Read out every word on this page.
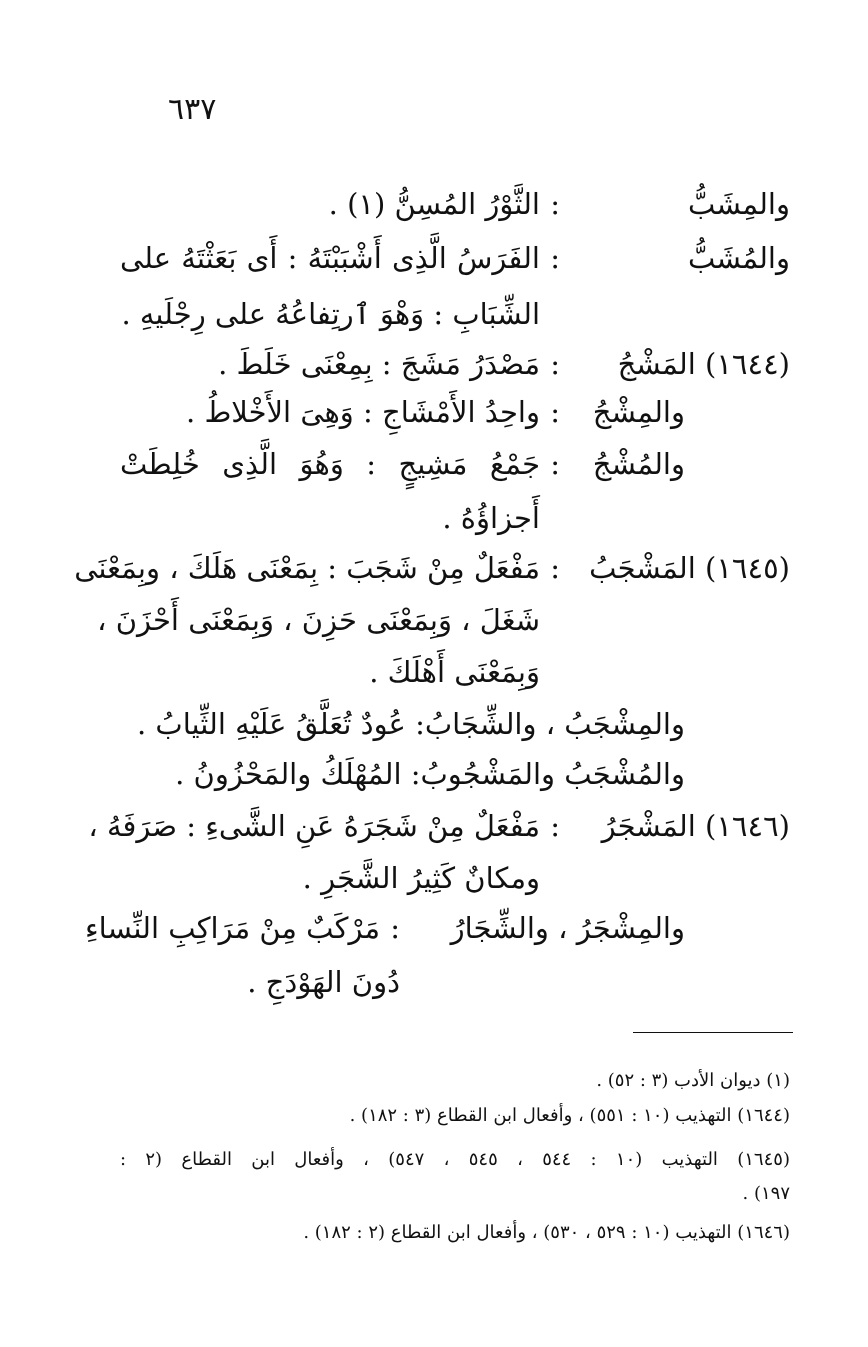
٦٣٧
والمِشَبُّ
:
الثَّوْرُ المُسِنُّ (١) .
والمُشَبُّ
:
الفَرَسُ الَّذِى أَشْبَبْتَهُ : أَى بَعَثْتَهُ على
الشِّبَابِ : وَهْوَ ٱرتِفاعُهُ على رِجْلَيهِ .
(١٦٤٤) المَشْجُ
:
مَصْدَرُ مَشَجَ : بِمِعْنَى خَلَطَ .
والمِشْجُ
:
واحِدُ الأَمْشَاجِ : وَهِىَ الأَخْلاطُ .
والمُشْجُ
:
جَمْعُ مَشِيجٍ : وَهُوَ الَّذِى خُلِطَتْ
أَجزاؤُهُ .
(١٦٤٥) المَشْجَبُ
:
مَفْعَلٌ مِنْ شَجَبَ : بِمَعْنَى هَلَكَ ، وبِمَعْنَى
شَغَلَ ، وَبِمَعْنَى حَزِنَ ، وَبِمَعْنَى أَحْزَنَ ،
وَبِمَعْنَى أَهْلَكَ .
والمِشْجَبُ ، والشِّجَابُ: عُودٌ تُعَلَّقُ عَلَيْهِ الثِّيابُ .
والمُشْجَبُ والمَشْجُوبُ: المُهْلَكُ والمَحْزُونُ .
(١٦٤٦) المَشْجَرُ
:
مَفْعَلٌ مِنْ شَجَرَهُ عَنِ الشَّىءِ : صَرَفَهُ ،
ومكانٌ كَثِيرُ الشَّجَرِ .
والمِشْجَرُ ، والشِّجَارُ
:
مَرْكَبٌ مِنْ مَرَاكِبِ النِّساءِ
دُونَ الهَوْدَجِ .
(١) ديوان الأدب (٣ : ٥٢) .
(١٦٤٤) التهذيب (١٠ : ٥٥١) ، وأفعال ابن القطاع (٣ : ١٨٢) .
(١٦٤٥) التهذيب (١٠ : ٥٤٤ ، ٥٤٥ ، ٥٤٧) ، وأفعال ابن القطاع (٢ :
١٩٧) .
(١٦٤٦) التهذيب (١٠ : ٥٢٩ ، ٥٣٠) ، وأفعال ابن القطاع (٢ : ١٨٢) .
